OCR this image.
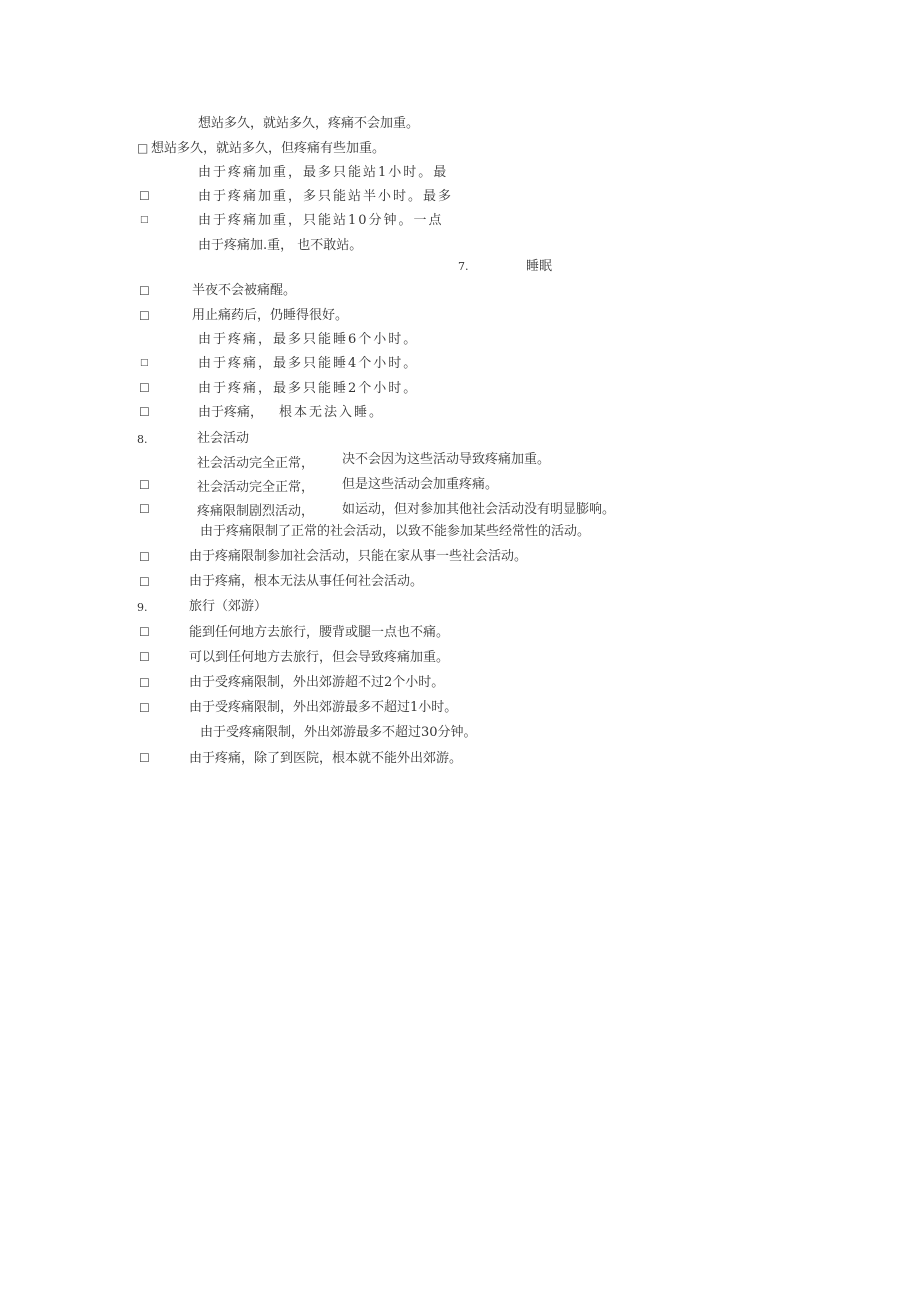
想站多久，就站多久，疼痛不会加重。
□ 想站多久，就站多久，但疼痛有些加重。
由于疼痛加重，最多只能站1小时。最
☐	由于疼痛加重，多只能站半小时。最多
□	由于疼痛加重，只能站10分钟。一点
由于疼痛加.重， 也不敢站。
7.	睡眠
☐	半夜不会被痛醒。
☐	用止痛药后，仍睡得很好。
由于疼痛，最多只能睡6个小时。
□	由于疼痛，最多只能睡4个小时。
☐	由于疼痛，最多只能睡2个小时。
☐	由于疼痛， 根本无法入睡。
8.	社会活动
社会活动完全正常， 决不会因为这些活动导致疼痛加重。
☐	社会活动完全正常， 但是这些活动会加重疼痛。
☐	疼痛限制剧烈活动， 如运动，但对参加其他社会活动没有明显膨响。
由于疼痛限制了正常的社会活动，以致不能参加某些经常性的活动。
☐	由于疼痛限制参加社会活动，只能在家从事一些社会活动。
☐	由于疼痛，根本无法从事任何社会活动。
9.	旅行（郊游）
☐	能到任何地方去旅行，腰背或腿一点也不痛。
☐	可以到任何地方去旅行，但会导致疼痛加重。
☐	由于受疼痛限制，外出郊游超不过2个小时。
☐	由于受疼痛限制，外出郊游最多不超过1小时。
由于受疼痛限制，外出郊游最多不超过30分钟。
☐	由于疼痛，除了到医院，根本就不能外出郊游。
